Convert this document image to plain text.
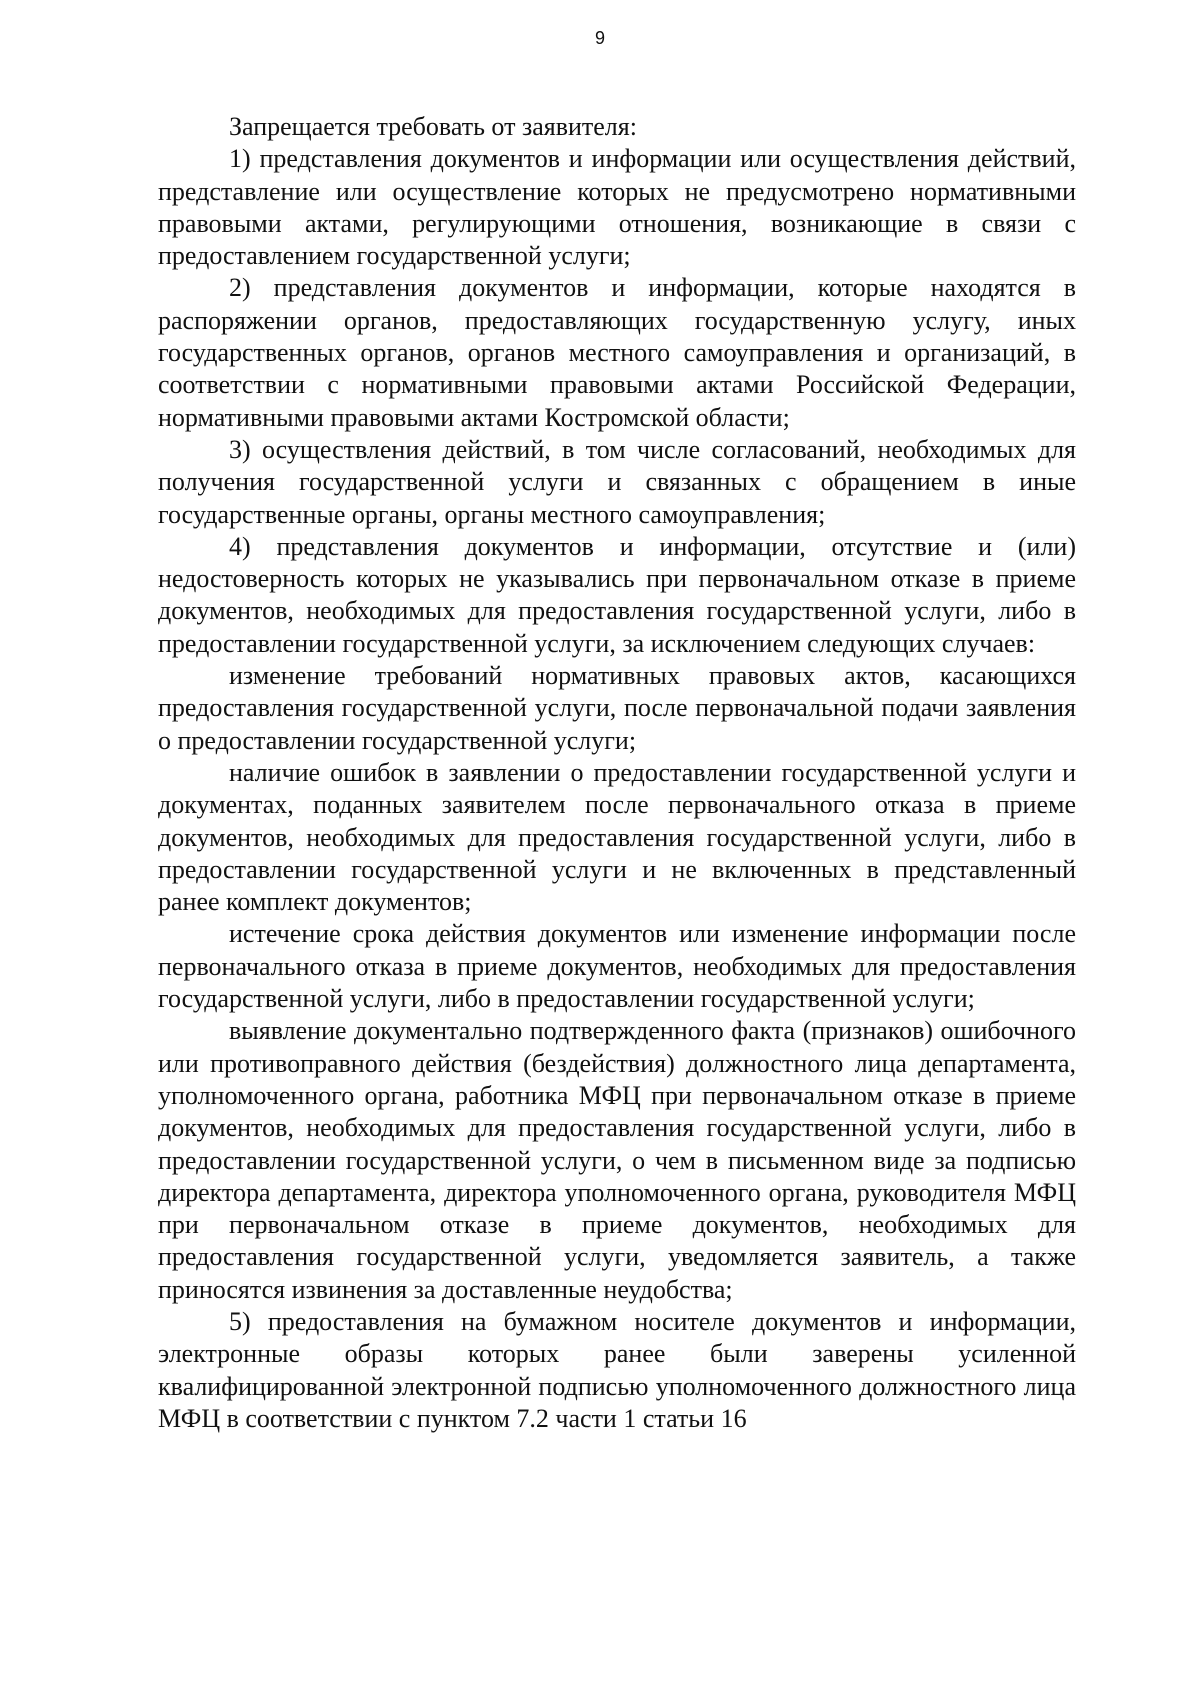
9

Запрещается требовать от заявителя:

1) представления документов и информации или осуществления действий, представление или осуществление которых не предусмотрено нормативными правовыми актами, регулирующими отношения, возникающие в связи с предоставлением государственной услуги;

2) представления документов и информации, которые находятся в распоряжении органов, предоставляющих государственную услугу, иных государственных органов, органов местного самоуправления и организаций, в соответствии с нормативными правовыми актами Российской Федерации, нормативными правовыми актами Костромской области;

3) осуществления действий, в том числе согласований, необходимых для получения государственной услуги и связанных с обращением в иные государственные органы, органы местного самоуправления;

4) представления документов и информации, отсутствие и (или) недостоверность которых не указывались при первоначальном отказе в приеме документов, необходимых для предоставления государственной услуги, либо в предоставлении государственной услуги, за исключением следующих случаев:

изменение требований нормативных правовых актов, касающихся предоставления государственной услуги, после первоначальной подачи заявления о предоставлении государственной услуги;

наличие ошибок в заявлении о предоставлении государственной услуги и документах, поданных заявителем после первоначального отказа в приеме документов, необходимых для предоставления государственной услуги, либо в предоставлении государственной услуги и не включенных в представленный ранее комплект документов;

истечение срока действия документов или изменение информации после первоначального отказа в приеме документов, необходимых для предоставления государственной услуги, либо в предоставлении государственной услуги;

выявление документально подтвержденного факта (признаков) ошибочного или противоправного действия (бездействия) должностного лица департамента, уполномоченного органа, работника МФЦ при первоначальном отказе в приеме документов, необходимых для предоставления государственной услуги, либо в предоставлении государственной услуги, о чем в письменном виде за подписью директора департамента, директора уполномоченного органа, руководителя МФЦ при первоначальном отказе в приеме документов, необходимых для предоставления государственной услуги, уведомляется заявитель, а также приносятся извинения за доставленные неудобства;

5) предоставления на бумажном носителе документов и информации, электронные образы которых ранее были заверены усиленной квалифицированной электронной подписью уполномоченного должностного лица МФЦ в соответствии с пунктом 7.2 части 1 статьи 16
